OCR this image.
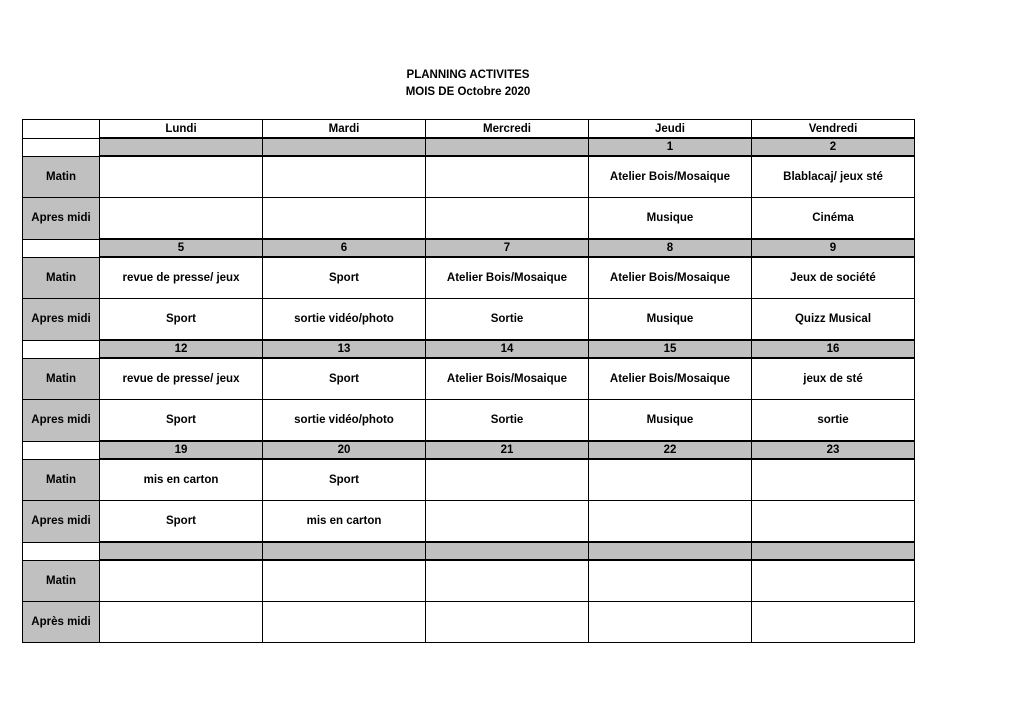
PLANNING ACTIVITES
MOIS DE Octobre 2020
	Lundi	Mardi	Mercredi	Jeudi	Vendredi
				1	2
Matin				Atelier Bois/Mosaique	Blablacaj/ jeux sté
Apres midi				Musique	Cinéma
	5	6	7	8	9
Matin	revue de presse/ jeux	Sport	Atelier Bois/Mosaique	Atelier Bois/Mosaique	Jeux de société
Apres midi	Sport	sortie vidéo/photo	Sortie	Musique	Quizz Musical
	12	13	14	15	16
Matin	revue de presse/ jeux	Sport	Atelier Bois/Mosaique	Atelier Bois/Mosaique	jeux de sté
Apres midi	Sport	sortie vidéo/photo	Sortie	Musique	sortie
	19	20	21	22	23
Matin	mis en carton	Sport			
Apres midi	Sport	mis en carton			

Matin					
Après midi					
